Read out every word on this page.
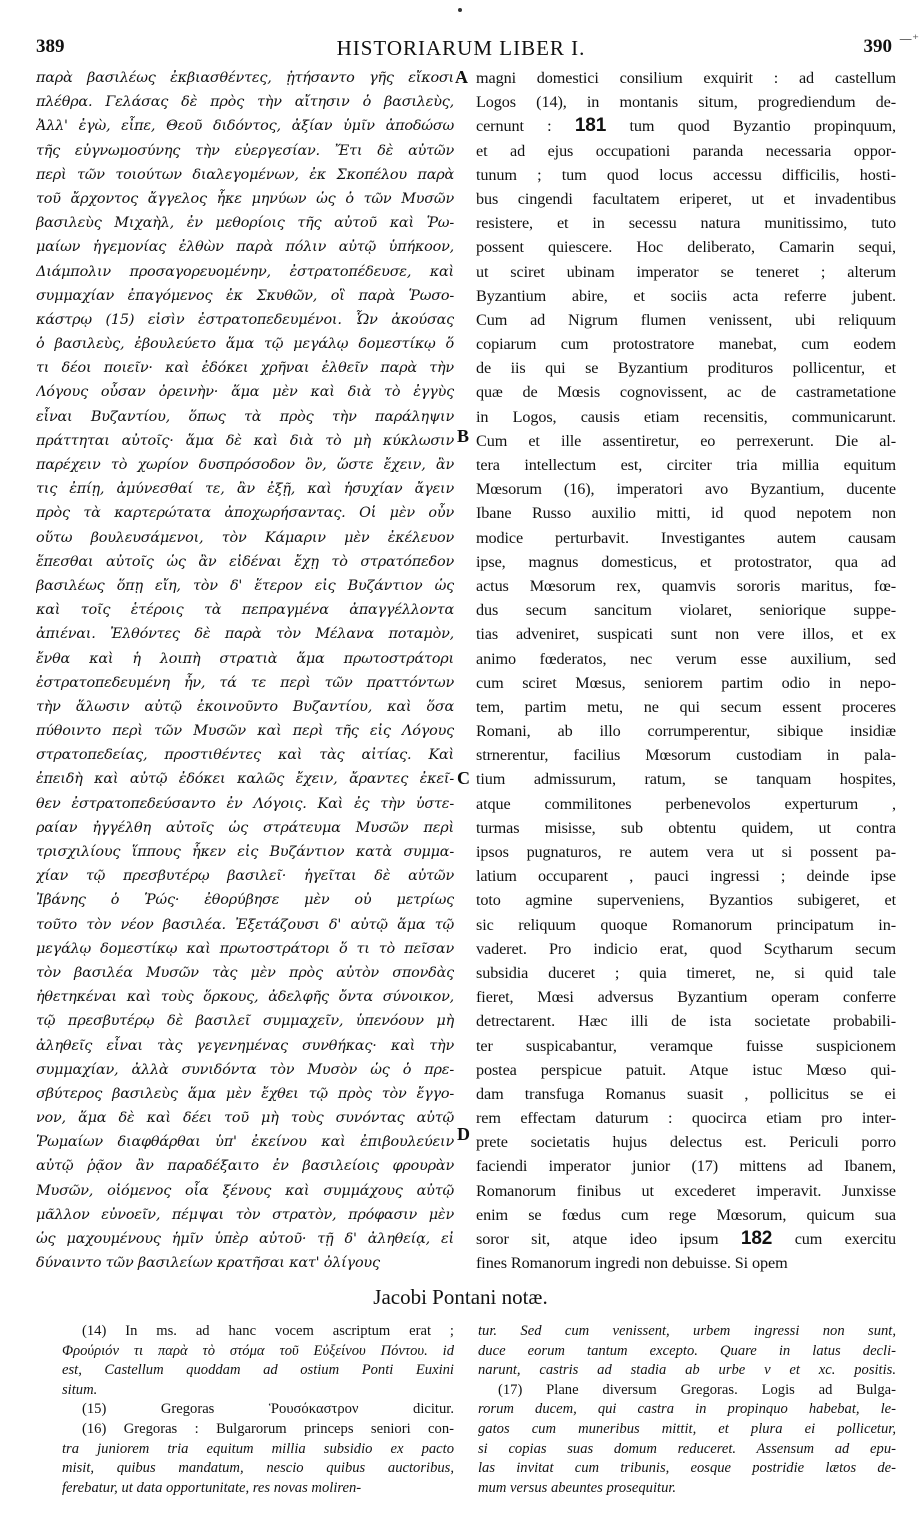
389	HISTORIARUM LIBER I.	390 —⁺
παρὰ βασιλέως ἐκβιασθέντες, ᾐτήσαντο γῆς εἴκοσι
πλέθρα. Γελάσας δὲ πρὸς τὴν αἴτησιν ὁ βασιλεὺς,
Ἀλλ' ἐγὼ, εἶπε, Θεοῦ διδόντος, ἀξίαν ὑμῖν ἀποδώσω
τῆς εὐγνωμοσύνης τὴν εὐεργεσίαν. Ἔτι δὲ αὐτῶν
περὶ τῶν τοιούτων διαλεγομένων, ἐκ Σκοπέλου παρὰ
τοῦ ἄρχοντος ἄγγελος ἧκε μηνύων ὡς ὁ τῶν Μυσῶν
βασιλεὺς Μιχαὴλ, ἐν μεθορίοις τῆς αὐτοῦ καὶ Ῥω-
μαίων ἡγεμονίας ἐλθὼν παρὰ πόλιν αὐτῷ ὑπήκοον,
Διάμπολιν προσαγορευομένην, ἐστρατοπέδευσε, καὶ
συμμαχίαν ἐπαγόμενος ἐκ Σκυθῶν, οἳ παρὰ Ῥωσο-
κάστρῳ (15) εἰσὶν ἐστρατοπεδευμένοι. Ὧν ἀκούσας
ὁ βασιλεὺς, ἐβουλεύετο ἅμα τῷ μεγάλῳ δομεστίκῳ ὅ
τι δέοι ποιεῖν· καὶ ἐδόκει χρῆναι ἐλθεῖν παρὰ τὴν
Λόγους οὖσαν ὀρεινὴν· ἅμα μὲν καὶ διὰ τὸ ἐγγὺς
εἶναι Βυζαντίου, ὅπως τὰ πρὸς τὴν παράληψιν
πράττηται αὐτοῖς· ἅμα δὲ καὶ διὰ τὸ μὴ κύκλωσιν
παρέχειν τὸ χωρίον δυσπρόσοδον ὂν, ὥστε ἔχειν, ἂν
τις ἐπίῃ, ἀμύνεσθαί τε, ἂν ἐξῇ, καὶ ἡσυχίαν ἄγειν
πρὸς τὰ καρτερώτατα ἀποχωρήσαντας. Οἱ μὲν οὖν
οὕτω βουλευσάμενοι, τὸν Κάμαριν μὲν ἐκέλευον
ἕπεσθαι αὐτοῖς ὡς ἂν εἰδέναι ἔχῃ τὸ στρατόπεδον
βασιλέως ὅπῃ εἴη, τὸν δ' ἕτερον εἰς Βυζάντιον ὡς
καὶ τοῖς ἑτέροις τὰ πεπραγμένα ἀπαγγέλλοντα
ἀπιέναι. Ἐλθόντες δὲ παρὰ τὸν Μέλανα ποταμὸν,
ἔνθα καὶ ἡ λοιπὴ στρατιὰ ἅμα πρωτοστράτορι
ἐστρατοπεδευμένη ἦν, τά τε περὶ τῶν πραττόντων
τὴν ἅλωσιν αὐτῷ ἐκοινοῦντο Βυζαντίου, καὶ ὅσα
πύθοιντο περὶ τῶν Μυσῶν καὶ περὶ τῆς εἰς Λόγους
στρατοπεδείας, προστιθέντες καὶ τὰς αἰτίας. Καὶ
ἐπειδὴ καὶ αὐτῷ ἐδόκει καλῶς ἔχειν, ἄραντες ἐκεῖ-
θεν ἐστρατοπεδεύσαντο ἐν Λόγοις. Καὶ ἐς τὴν ὑστε-
ραίαν ἠγγέλθη αὐτοῖς ὡς στράτευμα Μυσῶν περὶ
τρισχιλίους ἵππους ἧκεν εἰς Βυζάντιον κατὰ συμμα-
χίαν τῷ πρεσβυτέρῳ βασιλεῖ· ἡγεῖται δὲ αὐτῶν
Ἰβάνης ὁ Ῥώς· ἐθορύβησε μὲν οὐ μετρίως
τοῦτο τὸν νέον βασιλέα. Ἐξετάζουσι δ' αὐτῷ ἅμα τῷ
μεγάλῳ δομεστίκῳ καὶ πρωτοστράτορι ὅ τι τὸ πεῖσαν
τὸν βασιλέα Μυσῶν τὰς μὲν πρὸς αὐτὸν σπονδὰς
ἠθετηκέναι καὶ τοὺς ὅρκους, ἀδελφῆς ὄντα σύνοικον,
τῷ πρεσβυτέρῳ δὲ βασιλεῖ συμμαχεῖν, ὑπενόουν μὴ
ἀληθεῖς εἶναι τὰς γεγενημένας συνθήκας· καὶ τὴν
συμμαχίαν, ἀλλὰ συνιδόντα τὸν Μυσὸν ὡς ὁ πρε-
σβύτερος βασιλεὺς ἅμα μὲν ἔχθει τῷ πρὸς τὸν ἔγγο-
νον, ἅμα δὲ καὶ δέει τοῦ μὴ τοὺς συνόντας αὐτῷ
Ῥωμαίων διαφθάρθαι ὑπ' ἐκείνου καὶ ἐπιβουλεύειν
αὐτῷ ῥᾷον ἂν παραδέξαιτο ἐν βασιλείοις φρουρὰν
Μυσῶν, οἰόμενος οἷα ξένους καὶ συμμάχους αὐτῷ
μᾶλλον εὐνοεῖν, πέμψαι τὸν στρατὸν, πρόφασιν μὲν
ὡς μαχουμένους ἡμῖν ὑπὲρ αὐτοῦ· τῇ δ' ἀληθείᾳ, εἰ
δύναιντο τῶν βασιλείων κρατῆσαι κατ' ὀλίγους
magni domestici consilium exquirit : ad castellum
Logos (14), in montanis situm, progrediendum de-
cernunt : 181 tum quod Byzantio propinquum,
et ad ejus occupationi paranda necessaria oppor-
tunum ; tum quod locus accessu difficilis, hosti-
bus cingendi facultatem eriperet, ut et invadentibus
resistere, et in secessu natura munitissimo, tuto
possent quiescere. Hoc deliberato, Camarin sequi,
ut sciret ubinam imperator se teneret ; alterum
Byzantium abire, et sociis acta referre jubent.
Cum ad Nigrum flumen venissent, ubi reliquum
copiarum cum protostratore manebat, cum eodem
de iis qui se Byzantium prodituros pollicentur, et
quæ de Mœsis cognovissent, ac de castrametatione
in Logos, causis etiam recensitis, communicarunt.
Cum et ille assentiretur, eo perrexerunt. Die al-
tera intellectum est, circiter tria millia equitum
Mœsorum (16), imperatori avo Byzantium, ducente
Ibane Russo auxilio mitti, id quod nepotem non
modice perturbavit. Investigantes autem causam
ipse, magnus domesticus, et protostrator, qua ad
actus Mœsorum rex, quamvis sororis maritus, fœ-
dus secum sancitum violaret, seniorique suppe-
tias adveniret, suspicati sunt non vere illos, et ex
animo fœderatos, nec verum esse auxilium, sed
cum sciret Mœsus, seniorem partim odio in nepo-
tem, partim metu, ne qui secum essent proceres
Romani, ab illo corrumperentur, sibique insidiæ
strnerentur, facilius Mœsorum custodiam in pala-
tium admissurum, ratum, se tanquam hospites,
atque commilitones perbenevolos experturum ,
turmas misisse, sub obtentu quidem, ut contra
ipsos pugnaturos, re autem vera ut si possent pa-
latium occuparent , pauci ingressi ; deinde ipse
toto agmine superveniens, Byzantios subigeret, et
sic reliquum quoque Romanorum principatum in-
vaderet. Pro indicio erat, quod Scytharum secum
subsidia duceret ; quia timeret, ne, si quid tale
fieret, Mœsi adversus Byzantium operam conferre
detrectarent. Hæc illi de ista societate probabili-
ter suspicabantur, veramque fuisse suspicionem
postea perspicue patuit. Atque istuc Mœso qui-
dam transfuga Romanus suasit , pollicitus se ei
rem effectam daturum : quocirca etiam pro inter-
prete societatis hujus delectus est. Periculi porro
faciendi imperator junior (17) mittens ad Ibanem,
Romanorum finibus ut excederet imperavit. Junxisse
enim se fœdus cum rege Mœsorum, quicum sua
soror sit, atque ideo ipsum 182 cum exercitu
fines Romanorum ingredi non debuisse. Si opem
A
B
C
D
Jacobi Pontani notæ.
(14) In ms. ad hanc vocem ascriptum erat ;
Φρούριόν τι παρὰ τὸ στόμα τοῦ Εὐξείνου Πόντου. id
est, Castellum quoddam ad ostium Ponti Euxini
situm.
(15) Gregoras Ῥουσόκαστρον dicitur.
(16) Gregoras : Bulgarorum princeps seniori con-
tra juniorem tria equitum millia subsidio ex pacto
misit, quibus mandatum, nescio quibus auctoribus,
ferebatur, ut data opportunitate, res novas moliren-
tur. Sed cum venissent, urbem ingressi non sunt,
duce eorum tantum excepto. Quare in latus decli-
narunt, castris ad stadia ab urbe v et xc. positis.
(17) Plane diversum Gregoras. Logis ad Bulga-
rorum ducem, qui castra in propinquo habebat, le-
gatos cum muneribus mittit, et plura ei pollicetur,
si copias suas domum reduceret. Assensum ad epu-
las invitat cum tribunis, eosque postridie lætos de-
mum versus abeuntes prosequitur.
